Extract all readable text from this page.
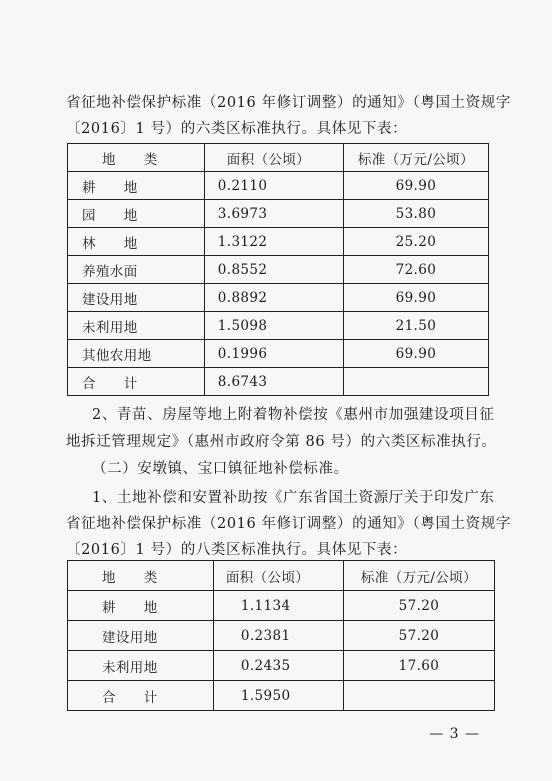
省征地补偿保护标准（2016 年修订调整）的通知》（粤国土资规字
〔2016〕1 号）的六类区标准执行。具体见下表：
地　　类	面积（公顷）	标准（万元/公顷）
耕　　地	0.2110	69.90
园　　地	3.6973	53.80
林　　地	1.3122	25.20
养殖水面	0.8552	72.60
建设用地	0.8892	69.90
未利用地	1.5098	21.50
其他农用地	0.1996	69.90
合　　计	8.6743	
2、青苗、房屋等地上附着物补偿按《惠州市加强建设项目征
地拆迁管理规定》（惠州市政府令第 86 号）的六类区标准执行。
（二）安墩镇、宝口镇征地补偿标准。
1、土地补偿和安置补助按《广东省国土资源厅关于印发广东
省征地补偿保护标准（2016 年修订调整）的通知》（粤国土资规字
〔2016〕1 号）的八类区标准执行。具体见下表：
地　　类	面积（公顷）	标准（万元/公顷）
耕　　地	1.1134	57.20
建设用地	0.2381	57.20
未利用地	0.2435	17.60
合　　计	1.5950	
— 3 —
